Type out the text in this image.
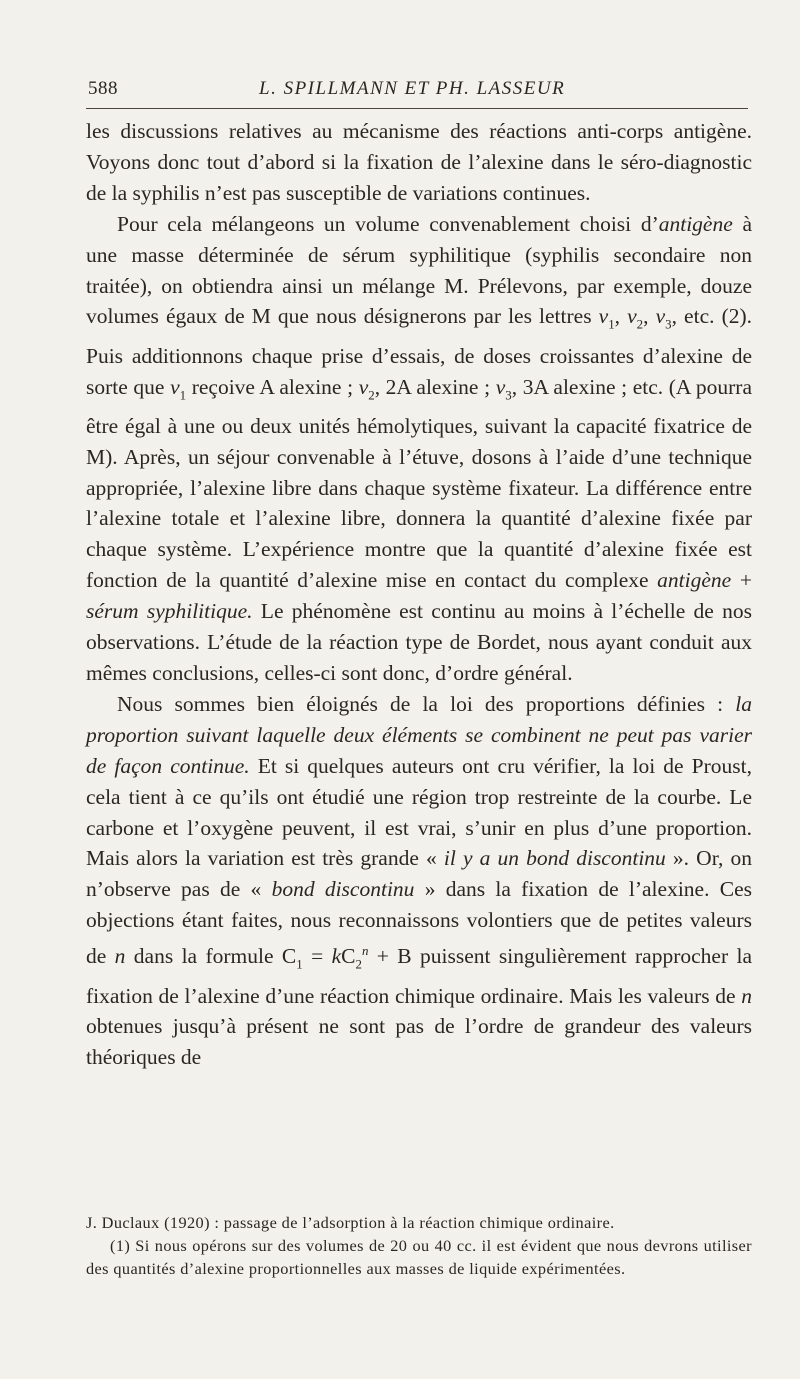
588	L. SPILLMANN ET PH. LASSEUR

les discussions relatives au mécanisme des réactions anti-corps antigène. Voyons donc tout d’abord si la fixation de l’alexine dans le séro-diagnostic de la syphilis n’est pas susceptible de variations continues.

Pour cela mélangeons un volume convenablement choisi d’antigène à une masse déterminée de sérum syphilitique (syphilis secondaire non traitée), on obtiendra ainsi un mélange M. Prélevons, par exemple, douze volumes égaux de M que nous désignerons par les lettres $v_1$, $v_2$, $v_3$, etc. (2). Puis additionnons chaque prise d’essais, de doses croissantes d’alexine de sorte que $v_1$ reçoive A alexine ; $v_2$, 2A alexine ; $v_3$, 3A alexine ; etc. (A pourra être égal à une ou deux unités hémolytiques, suivant la capacité fixatrice de M). Après, un séjour convenable à l’étuve, dosons à l’aide d’une technique appropriée, l’alexine libre dans chaque système fixateur. La différence entre l’alexine totale et l’alexine libre, donnera la quantité d’alexine fixée par chaque système. L’expérience montre que la quantité d’alexine fixée est fonction de la quantité d’alexine mise en contact du complexe antigène + sérum syphilitique. Le phénomène est continu au moins à l’échelle de nos observations. L’étude de la réaction type de Bordet, nous ayant conduit aux mêmes conclusions, celles-ci sont donc, d’ordre général.

Nous sommes bien éloignés de la loi des proportions définies : la proportion suivant laquelle deux éléments se combinent ne peut pas varier de façon continue. Et si quelques auteurs ont cru vérifier, la loi de Proust, cela tient à ce qu’ils ont étudié une région trop restreinte de la courbe. Le carbone et l’oxygène peuvent, il est vrai, s’unir en plus d’une proportion. Mais alors la variation est très grande « il y a un bond discontinu ». Or, on n’observe pas de « bond discontinu » dans la fixation de l’alexine. Ces objections étant faites, nous reconnaissons volontiers que de petites valeurs de n dans la formule $C_1 = kC_2^n + B$ puissent singulièrement rapprocher la fixation de l’alexine d’une réaction chimique ordinaire. Mais les valeurs de n obtenues jusqu’à présent ne sont pas de l’ordre de grandeur des valeurs théoriques de

J. Duclaux (1920) : passage de l’adsorption à la réaction chimique ordinaire.

(1) Si nous opérons sur des volumes de 20 ou 40 cc. il est évident que nous devrons utiliser des quantités d’alexine proportionnelles aux masses de liquide expérimentées.
